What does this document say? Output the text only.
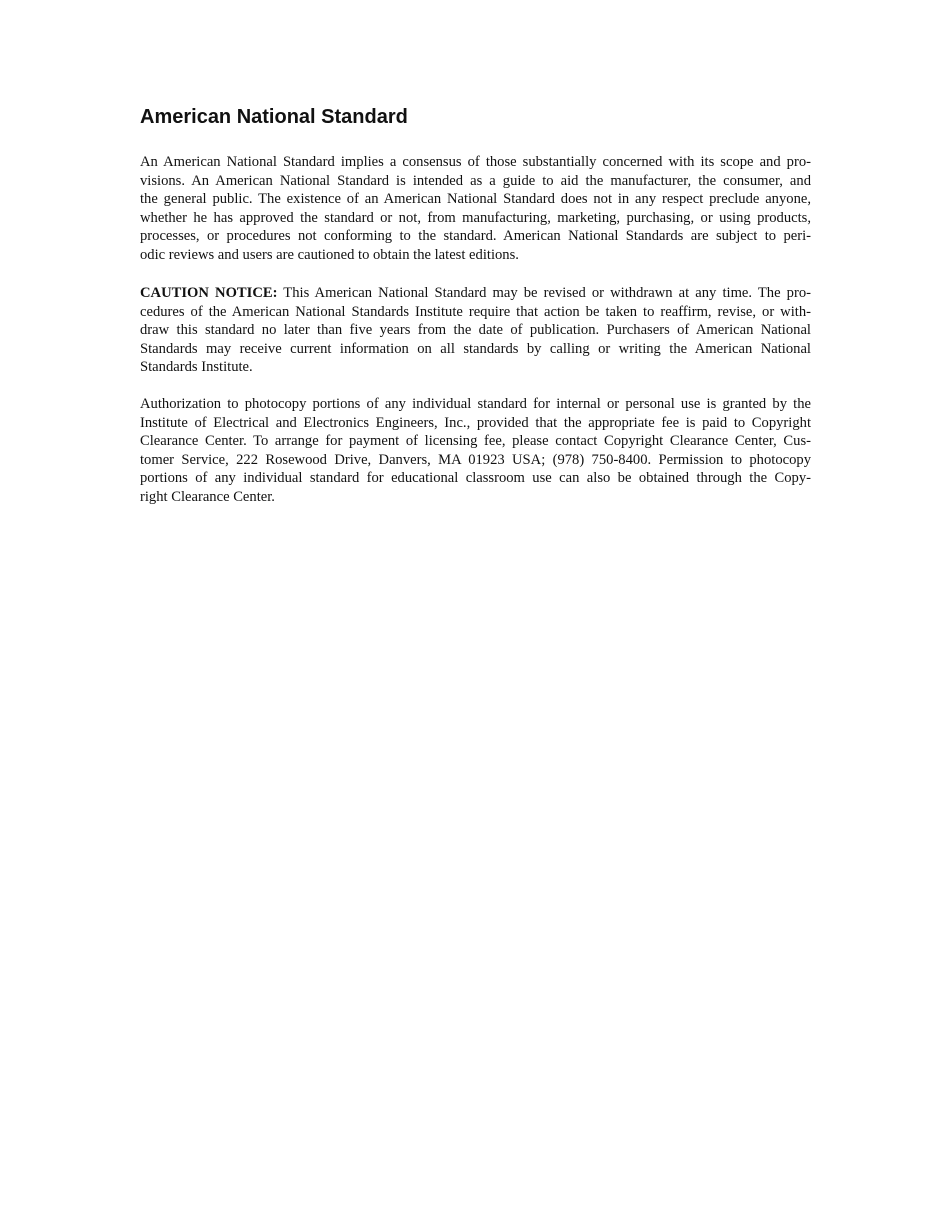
American National Standard
An American National Standard implies a consensus of those substantially concerned with its scope and pro-
visions. An American National Standard is intended as a guide to aid the manufacturer, the consumer, and
the general public. The existence of an American National Standard does not in any respect preclude anyone,
whether he has approved the standard or not, from manufacturing, marketing, purchasing, or using products,
processes, or procedures not conforming to the standard. American National Standards are subject to peri-
odic reviews and users are cautioned to obtain the latest editions.
CAUTION NOTICE: This American National Standard may be revised or withdrawn at any time. The pro-
cedures of the American National Standards Institute require that action be taken to reaffirm, revise, or with-
draw this standard no later than five years from the date of publication. Purchasers of American National
Standards may receive current information on all standards by calling or writing the American National
Standards Institute.
Authorization to photocopy portions of any individual standard for internal or personal use is granted by the
Institute of Electrical and Electronics Engineers, Inc., provided that the appropriate fee is paid to Copyright
Clearance Center. To arrange for payment of licensing fee, please contact Copyright Clearance Center, Cus-
tomer Service, 222 Rosewood Drive, Danvers, MA 01923 USA; (978) 750-8400. Permission to photocopy
portions of any individual standard for educational classroom use can also be obtained through the Copy-
right Clearance Center.
